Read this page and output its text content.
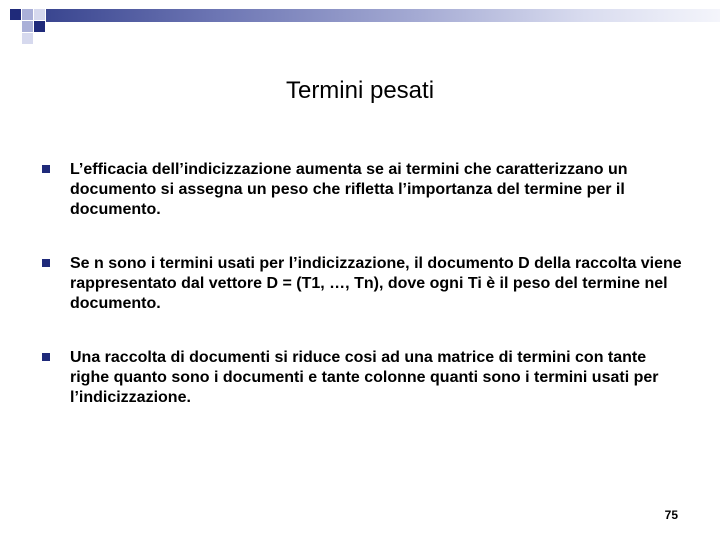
Termini pesati
L’efficacia dell’indicizzazione aumenta se ai termini che caratterizzano un documento si assegna un peso che rifletta l’importanza del termine per il documento.
Se n sono i termini usati per l’indicizzazione, il documento D della raccolta viene rappresentato dal vettore D = (T1, …, Tn), dove ogni Ti è il peso del termine nel documento.
Una raccolta di documenti si riduce cosi ad una matrice di termini con tante righe quanto sono i documenti e tante colonne quanti sono i termini usati per l’indicizzazione.
75
